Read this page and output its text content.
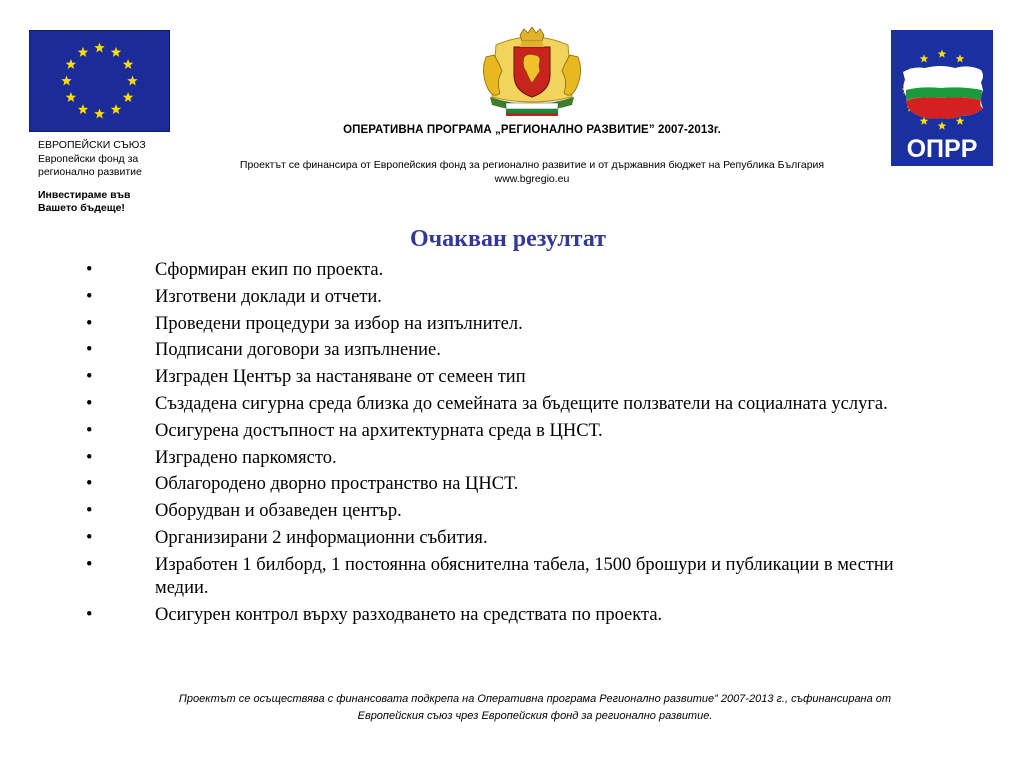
ЕВРОПЕЙСКИ СЪЮЗ
Европейски фонд за
регионално развитие
Инвестираме във
Вашето бъдеще!
ОПРР
ОПЕРАТИВНА ПРОГРАМА „РЕГИОНАЛНО РАЗВИТИЕ” 2007-2013г.
Проектът се финансира от Европейския фонд за регионално развитие и от държавния бюджет на Република България
www.bgregio.eu
Очакван резултат
•	Сформиран екип по проекта.
•	Изготвени доклади и отчети.
•	Проведени процедури за избор на изпълнител.
•	Подписани договори за изпълнение.
•	Изграден Център за настаняване от семеен тип
•	Създадена сигурна среда близка до семейната за бъдещите ползватели на социалната услуга.
•	Осигурена достъпност на архитектурната среда в ЦНСТ.
•	Изградено паркомясто.
•	Облагородено дворно пространство на ЦНСТ.
•	Оборудван и обзаведен център.
•	Организирани 2 информационни събития.
•	Изработен 1 билборд, 1 постоянна обяснителна табела, 1500 брошури и публикации в местни медии.
•	Осигурен контрол върху разходването на средствата по проекта.
Проектът се осъществява с финансовата подкрепа на Оперативна програма Регионално развитие” 2007-2013 г., съфинансирана от
Европейския съюз чрез Европейския фонд за регионално развитие.
